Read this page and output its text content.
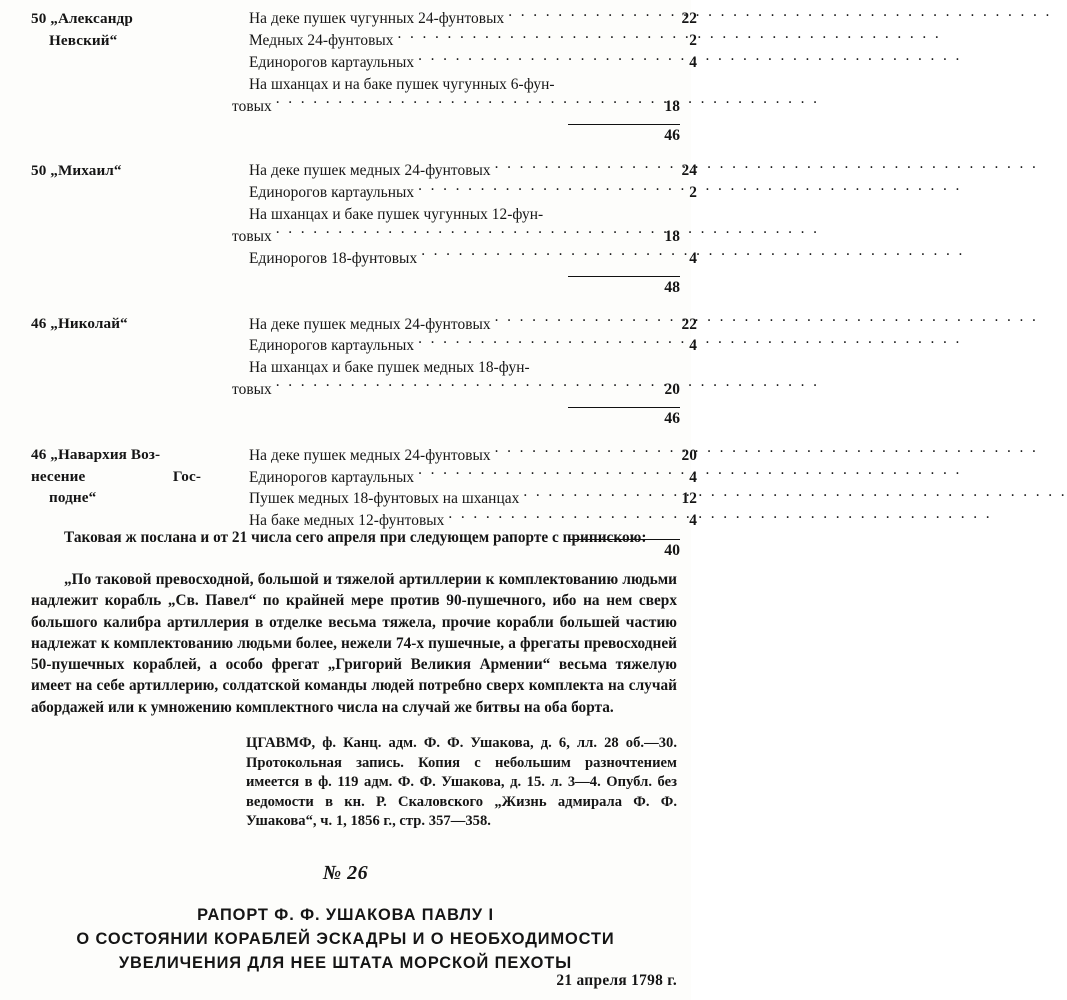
50 „Александр
Невский“
На деке пушек чугунных 24-фунтовых . . .	22
Медных 24-фунтовых . . .	2
Единорогов картаульных . . .	4
На шханцах и на баке пушек чугунных 6-фун-
товых . . .	18
46
50 „Михаил“	На деке пушек медных 24-фунтовых . . .	24
Единорогов картаульных . . .	2
На шханцах и баке пушек чугунных 12-фун-
товых . . .	18
Единорогов 18-фунтовых . . .	4
48
46 „Николай“	На деке пушек медных 24-фунтовых . . .	22
Единорогов картаульных . . .	4
На шханцах и баке пушек медных 18-фун-
товых . . .	20
46
46 „Наварxия Воз-
несение	Гос-
подне“
На деке пушек медных 24-фунтовых . . .	20
Единорогов картаульных . . .	4
Пушек медных 18-фунтовых на шханцах . . .	12
На баке медных 12-фунтовых . . .	4
40

Таковая ж послана и от 21 числа сего апреля при следующем рапорте с припискою:

„По таковой превосходной, большой и тяжелой артиллерии к комплектованию людьми надлежит корабль „Св. Павел“ по крайней мере против 90-пушечного, ибо на нем сверх большого калибра артиллерия в отделке весьма тяжела, прочие корабли большей частию надлежат к комплектованию людьми более, нежели 74-х пушечные, а фрегаты превосходней 50-пушечных кораблей, а особо фрегат „Григорий Великия Армении“ весьма тяжелую имеет на себе артиллерию, солдатской команды людей потребно сверх комплекта на случай абордажей или к умножению комплектного числа на случай же битвы на оба борта.

ЦГАВМФ, ф. Канц. адм. Ф. Ф. Ушакова, д. 6, лл. 28 об.—30. Протокольная запись. Копия с небольшим разночтением имеется в ф. 119 адм. Ф. Ф. Ушакова, д. 15. л. 3—4. Опубл. без ведомости в кн. Р. Скаловского „Жизнь адмирала Ф. Ф. Ушакова“, ч. 1, 1856 г., стр. 357—358.
№ 26
РАПОРТ Ф. Ф. УШАКОВА ПАВЛУ I
О СОСТОЯНИИ КОРАБЛЕЙ ЭСКАДРЫ И О НЕОБХОДИМОСТИ
УВЕЛИЧЕНИЯ ДЛЯ НЕЕ ШТАТА МОРСКОЙ ПЕХОТЫ
21 апреля 1798 г.
